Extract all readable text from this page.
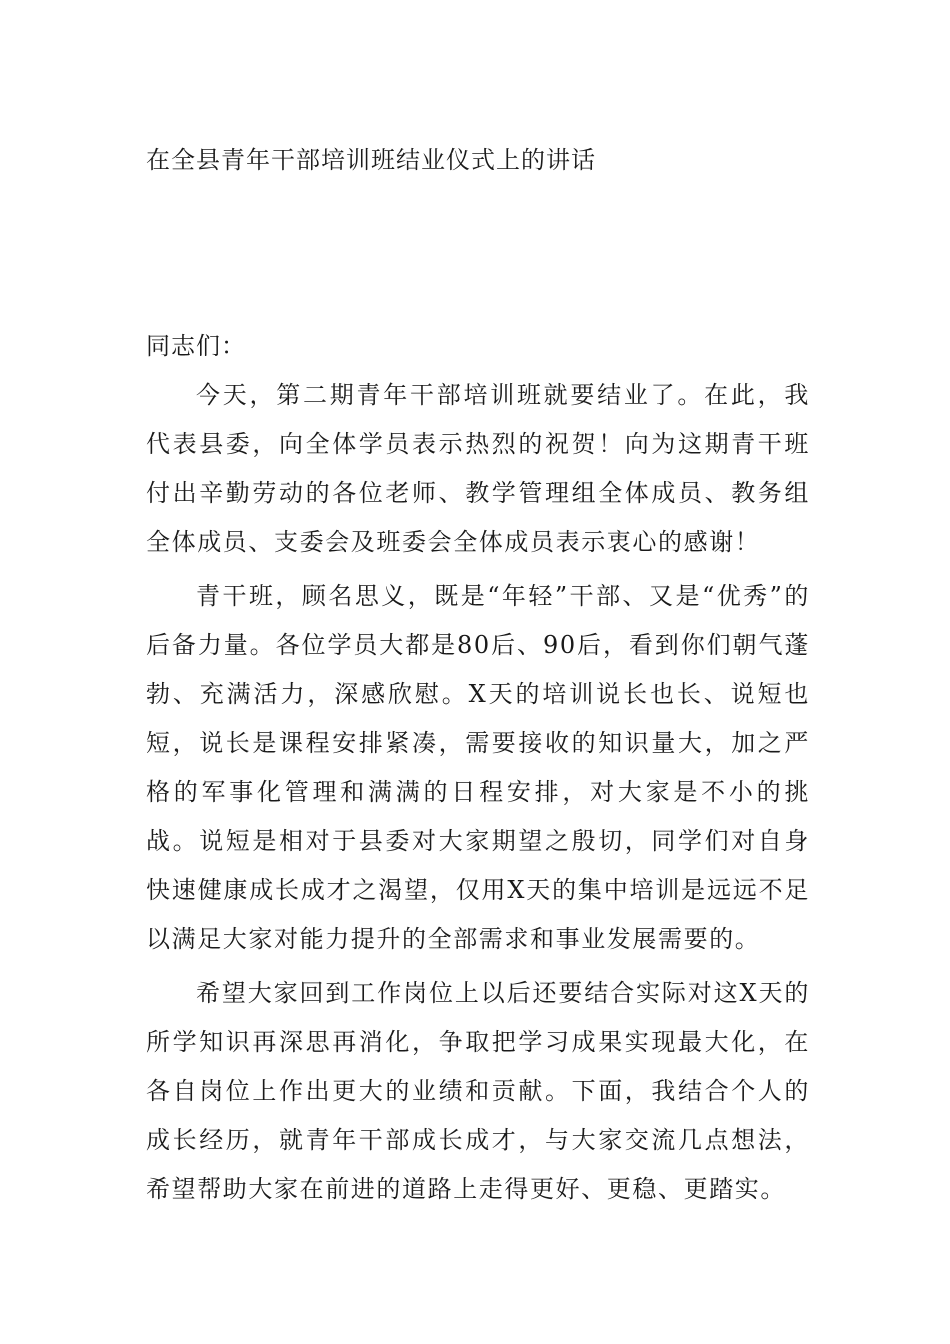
在全县青年干部培训班结业仪式上的讲话

同志们：

今天，第二期青年干部培训班就要结业了。在此，我代表县委，向全体学员表示热烈的祝贺！向为这期青干班付出辛勤劳动的各位老师、教学管理组全体成员、教务组全体成员、支委会及班委会全体成员表示衷心的感谢！

青干班，顾名思义，既是“年轻”干部、又是“优秀”的后备力量。各位学员大都是80后、90后，看到你们朝气蓬勃、充满活力，深感欣慰。X天的培训说长也长、说短也短，说长是课程安排紧凑，需要接收的知识量大，加之严格的军事化管理和满满的日程安排，对大家是不小的挑战。说短是相对于县委对大家期望之殷切，同学们对自身快速健康成长成才之渴望，仅用X天的集中培训是远远不足以满足大家对能力提升的全部需求和事业发展需要的。

希望大家回到工作岗位上以后还要结合实际对这X天的所学知识再深思再消化，争取把学习成果实现最大化，在各自岗位上作出更大的业绩和贡献。下面，我结合个人的成长经历，就青年干部成长成才，与大家交流几点想法，希望帮助大家在前进的道路上走得更好、更稳、更踏实。
